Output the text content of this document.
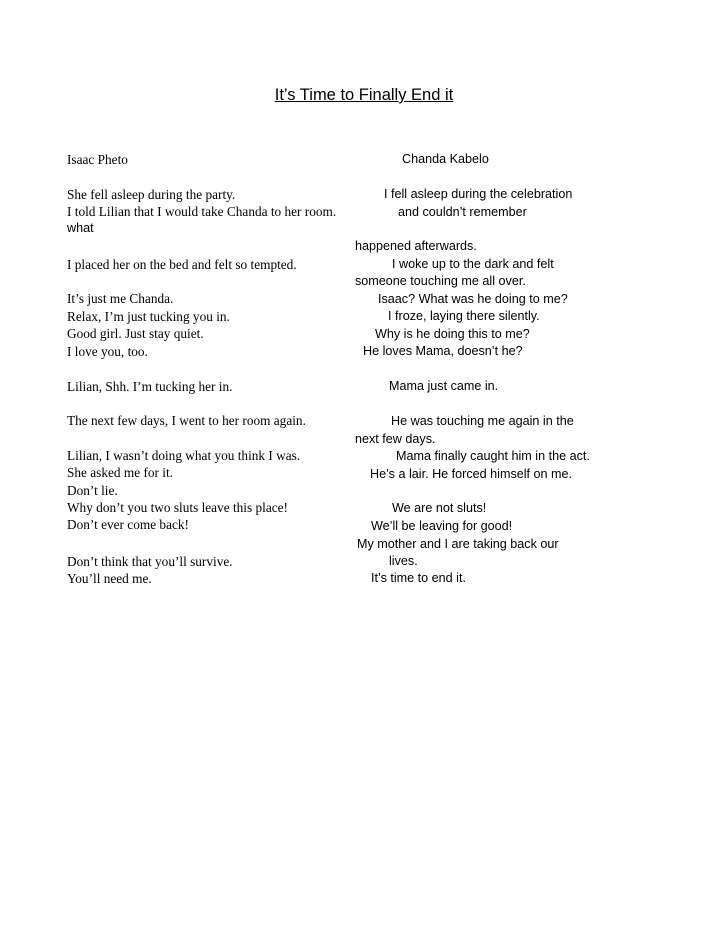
It’s Time to Finally End it
Isaac Pheto
She fell asleep during the party.
I told Lilian that I would take Chanda to her room.
what
I placed her on the bed and felt so tempted.
It’s just me Chanda.
Relax, I’m just tucking you in.
Good girl. Just stay quiet.
I love you, too.
Lilian, Shh. I’m tucking her in.
The next few days, I went to her room again.
Lilian, I wasn’t doing what you think I was.
She asked me for it.
Don’t lie.
Why don’t you two sluts leave this place!
Don’t ever come back!
Don’t think that you’ll survive.
You’ll need me.
Chanda Kabelo
I fell asleep during the celebration
and couldn’t remember
happened afterwards.
I woke up to the dark and felt
someone touching me all over.
Isaac? What was he doing to me?
I froze, laying there silently.
Why is he doing this to me?
He loves Mama, doesn’t he?
Mama just came in.
He was touching me again in the
next few days.
Mama finally caught him in the act.
He’s a lair. He forced himself on me.
We are not sluts!
We’ll be leaving for good!
My mother and I are taking back our
lives.
It’s time to end it.
